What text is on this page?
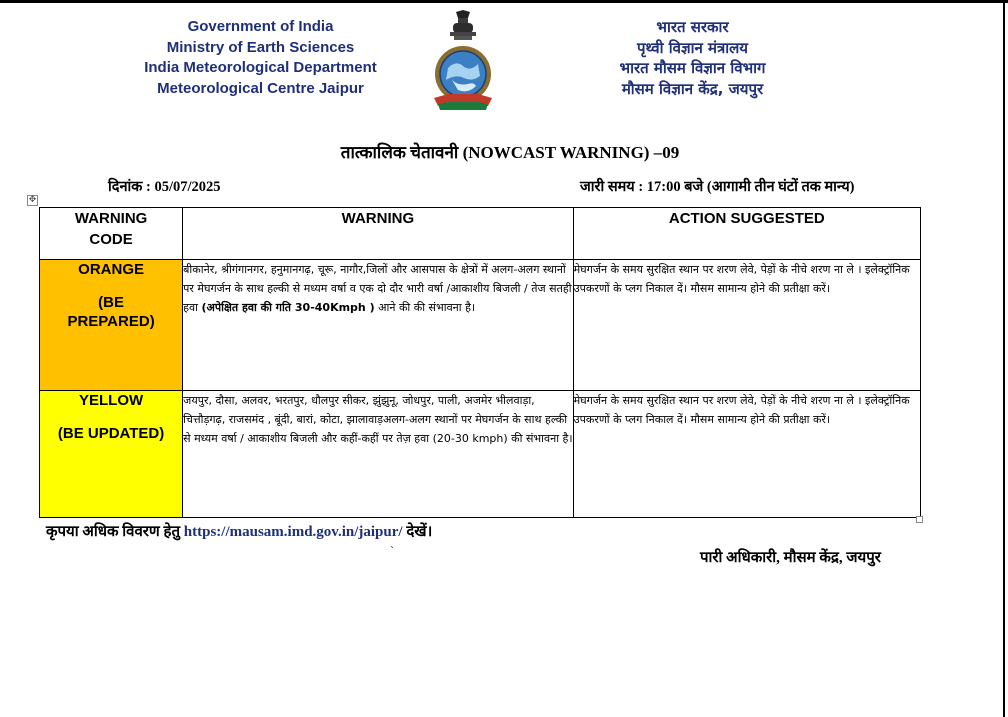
Government of India
Ministry of Earth Sciences
India Meteorological Department
Meteorological Centre Jaipur
भारत सरकार
पृथ्वी विज्ञान मंत्रालय
भारत मौसम विज्ञान विभाग
मौसम विज्ञान केंद्र, जयपुर
तात्कालिक चेतावनी (NOWCAST WARNING) –09
दिनांक : 05/07/2025	जारी समय : 17:00 बजे (आगामी तीन घंटों तक मान्य)
✥
WARNING CODE	WARNING	ACTION SUGGESTED

ORANGE
(BE PREPARED)	बीकानेर, श्रीगंगानगर, हनुमानगढ़, चूरू, नागौर,जिलों और आसपास के क्षेत्रों में अलग-अलग स्थानों पर मेघगर्जन के साथ हल्की से मध्यम वर्षा व एक दो दौर भारी वर्षा /आकाशीय बिजली / तेज सतही हवा (अपेक्षित हवा की गति 30-40Kmph ) आने की की संभावना है।	मेघगर्जन के समय सुरक्षित स्थान पर शरण लेवे, पेड़ों के नीचे शरण ना ले । इलेक्ट्रॉनिक उपकरणों के प्लग निकाल दें। मौसम सामान्य होने की प्रतीक्षा करें।

YELLOW
(BE UPDATED)	जयपुर, दौसा, अलवर, भरतपुर, धौलपुर सीकर, झुंझुनू, जोधपुर, पाली, अजमेर भीलवाड़ा, चित्तौड़गढ़, राजसमंद , बूंदी, बारां, कोटा, झालावाड़अलग-अलग स्थानों पर मेघगर्जन के साथ हल्की से मध्यम वर्षा / आकाशीय बिजली और कहीं-कहीं पर तेज़ हवा (20-30 kmph) की संभावना है।	मेघगर्जन के समय सुरक्षित स्थान पर शरण लेवे, पेड़ों के नीचे शरण ना ले । इलेक्ट्रॉनिक उपकरणों के प्लग निकाल दें। मौसम सामान्य होने की प्रतीक्षा करें।
कृपया अधिक विवरण हेतु https://mausam.imd.gov.in/jaipur/ देखें।
`	पारी अधिकारी, मौसम केंद्र, जयपुर
